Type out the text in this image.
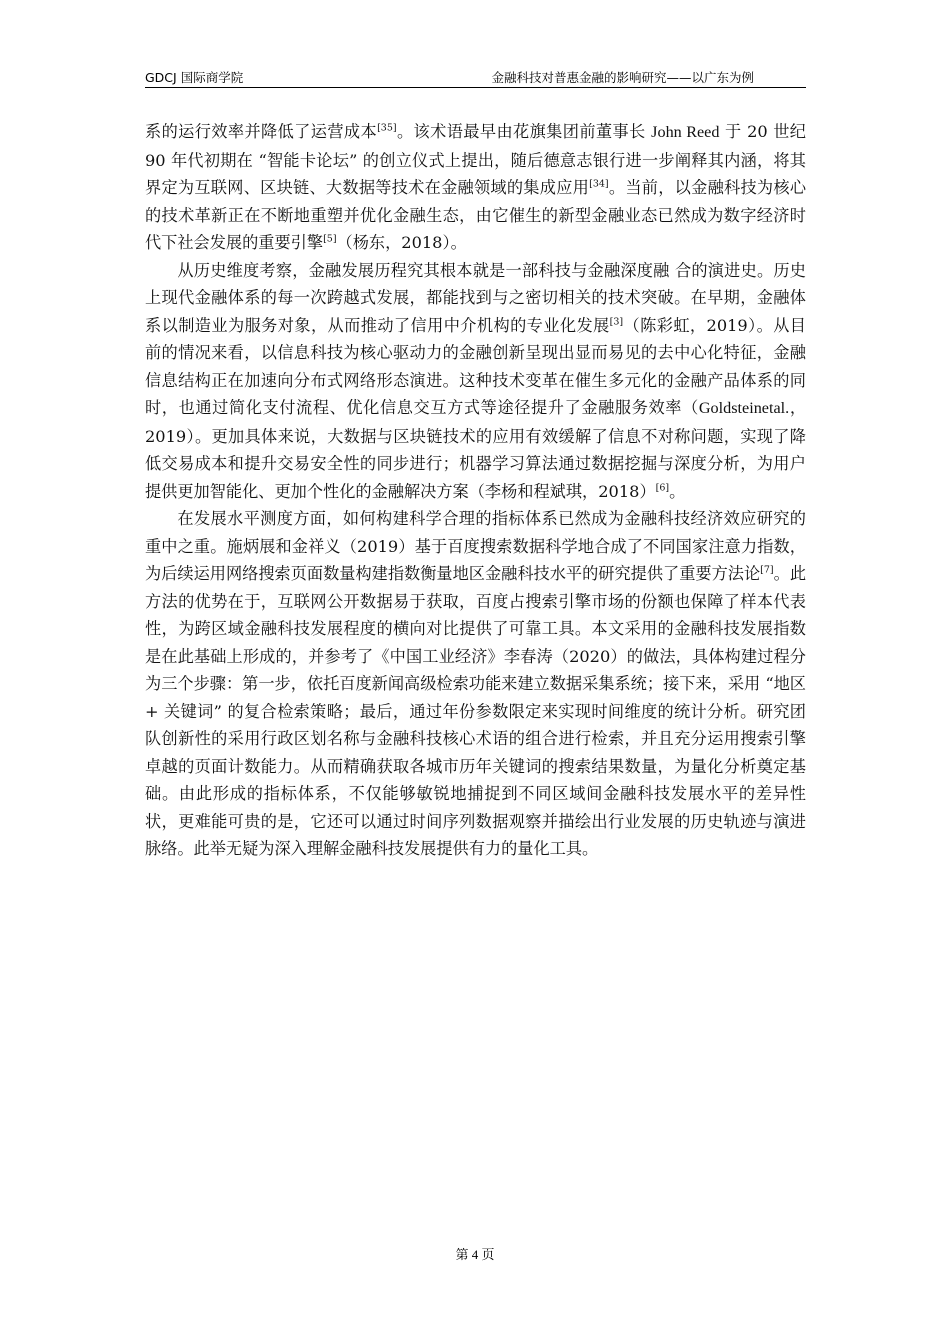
GDCJ 国际商学院	金融科技对普惠金融的影响研究——以广东为例

系的运行效率并降低了运营成本[35]。该术语最早由花旗集团前董事长 John Reed 于 20 世纪 90 年代初期在 “智能卡论坛” 的创立仪式上提出，随后德意志银行进一步阐释其内涵，将其界定为互联网、区块链、大数据等技术在金融领域的集成应用[34]。当前，以金融科技为核心的技术革新正在不断地重塑并优化金融生态，由它催生的新型金融业态已然成为数字经济时代下社会发展的重要引擎[5]（杨东，2018）。

从历史维度考察，金融发展历程究其根本就是一部科技与金融深度融 合的演进史。历史上现代金融体系的每一次跨越式发展，都能找到与之密切相关的技术突破。在早期，金融体系以制造业为服务对象，从而推动了信用中介机构的专业化发展[3]（陈彩虹，2019）。从目前的情况来看，以信息科技为核心驱动力的金融创新呈现出显而易见的去中心化特征，金融信息结构正在加速向分布式网络形态演进。这种技术变革在催生多元化的金融产品体系的同时，也通过简化支付流程、优化信息交互方式等途径提升了金融服务效率（Goldsteinetal.，2019）。更加具体来说，大数据与区块链技术的应用有效缓解了信息不对称问题，实现了降低交易成本和提升交易安全性的同步进行；机器学习算法通过数据挖掘与深度分析，为用户提供更加智能化、更加个性化的金融解决方案（李杨和程斌琪，2018）[6]。

在发展水平测度方面，如何构建科学合理的指标体系已然成为金融科技经济效应研究的重中之重。施炳展和金祥义（2019）基于百度搜索数据科学地合成了不同国家注意力指数，为后续运用网络搜索页面数量构建指数衡量地区金融科技水平的研究提供了重要方法论[7]。此方法的优势在于，互联网公开数据易于获取，百度占搜索引擎市场的份额也保障了样本代表性，为跨区域金融科技发展程度的横向对比提供了可靠工具。本文采用的金融科技发展指数是在此基础上形成的，并参考了《中国工业经济》李春涛（2020）的做法，具体构建过程分为三个步骤：第一步，依托百度新闻高级检索功能来建立数据采集系统；接下来，采用 “地区 + 关键词” 的复合检索策略；最后，通过年份参数限定来实现时间维度的统计分析。研究团队创新性的采用行政区划名称与金融科技核心术语的组合进行检索，并且充分运用搜索引擎卓越的页面计数能力。从而精确获取各城市历年关键词的搜索结果数量，为量化分析奠定基础。由此形成的指标体系，不仅能够敏锐地捕捉到不同区域间金融科技发展水平的差异性状，更难能可贵的是，它还可以通过时间序列数据观察并描绘出行业发展的历史轨迹与演进脉络。此举无疑为深入理解金融科技发展提供有力的量化工具。

第 4 页
